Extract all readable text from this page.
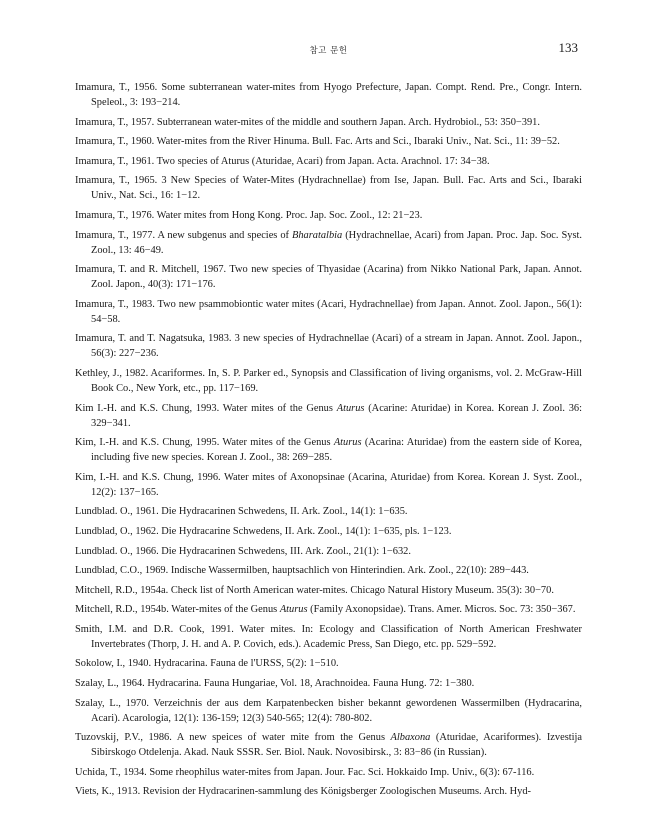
참고 문헌	133
Imamura, T., 1956. Some subterranean water-mites from Hyogo Prefecture, Japan. Compt. Rend. Pre., Congr. Intern. Speleol., 3: 193−214.
Imamura, T., 1957. Subterranean water-mites of the middle and southern Japan. Arch. Hydrobiol., 53: 350−391.
Imamura, T., 1960. Water-mites from the River Hinuma. Bull. Fac. Arts and Sci., Ibaraki Univ., Nat. Sci., 11: 39−52.
Imamura, T., 1961. Two species of Aturus (Aturidae, Acari) from Japan. Acta. Arachnol. 17: 34−38.
Imamura, T., 1965. 3 New Species of Water-Mites (Hydrachnellae) from Ise, Japan. Bull. Fac. Arts and Sci., Ibaraki Univ., Nat. Sci., 16: 1−12.
Imamura, T., 1976. Water mites from Hong Kong. Proc. Jap. Soc. Zool., 12: 21−23.
Imamura, T., 1977. A new subgenus and species of Bharatalbia (Hydrachnellae, Acari) from Japan. Proc. Jap. Soc. Syst. Zool., 13: 46−49.
Imamura, T. and R. Mitchell, 1967. Two new species of Thyasidae (Acarina) from Nikko National Park, Japan. Annot. Zool. Japon., 40(3): 171−176.
Imamura, T., 1983. Two new psammobiontic water mites (Acari, Hydrachnellae) from Japan. Annot. Zool. Japon., 56(1): 54−58.
Imamura, T. and T. Nagatsuka, 1983. 3 new species of Hydrachnellae (Acari) of a stream in Japan. Annot. Zool. Japon., 56(3): 227−236.
Kethley, J., 1982. Acariformes. In, S. P. Parker ed., Synopsis and Classification of living organisms, vol. 2. McGraw-Hill Book Co., New York, etc., pp. 117−169.
Kim I.-H. and K.S. Chung, 1993. Water mites of the Genus Aturus (Acarine: Aturidae) in Korea. Korean J. Zool. 36: 329−341.
Kim, I.-H. and K.S. Chung, 1995. Water mites of the Genus Aturus (Acarina: Aturidae) from the eastern side of Korea, including five new species. Korean J. Zool., 38: 269−285.
Kim, I.-H. and K.S. Chung, 1996. Water mites of Axonopsinae (Acarina, Aturidae) from Korea. Korean J. Syst. Zool., 12(2): 137−165.
Lundblad. O., 1961. Die Hydracarinen Schwedens, II. Ark. Zool., 14(1): 1−635.
Lundblad, O., 1962. Die Hydracarine Schwedens, II. Ark. Zool., 14(1): 1−635, pls. 1−123.
Lundblad. O., 1966. Die Hydracarinen Schwedens, III. Ark. Zool., 21(1): 1−632.
Lundblad, C.O., 1969. Indische Wassermilben, hauptsachlich von Hinterindien. Ark. Zool., 22(10): 289−443.
Mitchell, R.D., 1954a. Check list of North American water-mites. Chicago Natural History Museum. 35(3): 30−70.
Mitchell, R.D., 1954b. Water-mites of the Genus Aturus (Family Axonopsidae). Trans. Amer. Micros. Soc. 73: 350−367.
Smith, I.M. and D.R. Cook, 1991. Water mites. In: Ecology and Classification of North American Freshwater Invertebrates (Thorp, J. H. and A. P. Covich, eds.). Academic Press, San Diego, etc. pp. 529−592.
Sokolow, I., 1940. Hydracarina. Fauna de l'URSS, 5(2): 1−510.
Szalay, L., 1964. Hydracarina. Fauna Hungariae, Vol. 18, Arachnoidea. Fauna Hung. 72: 1−380.
Szalay, L., 1970. Verzeichnis der aus dem Karpatenbecken bisher bekannt gewordenen Wassermilben (Hydracarina, Acari). Acarologia, 12(1): 136-159; 12(3) 540-565; 12(4): 780-802.
Tuzovskij, P.V., 1986. A new speices of water mite from the Genus Albaxona (Aturidae, Acariformes). Izvestija Sibirskogo Otdelenja. Akad. Nauk SSSR. Ser. Biol. Nauk. Novosibirsk., 3: 83−86 (in Russian).
Uchida, T., 1934. Some rheophilus water-mites from Japan. Jour. Fac. Sci. Hokkaido Imp. Univ., 6(3): 67-116.
Viets, K., 1913. Revision der Hydracarinen-sammlung des Königsberger Zoologischen Museums. Arch. Hyd-
